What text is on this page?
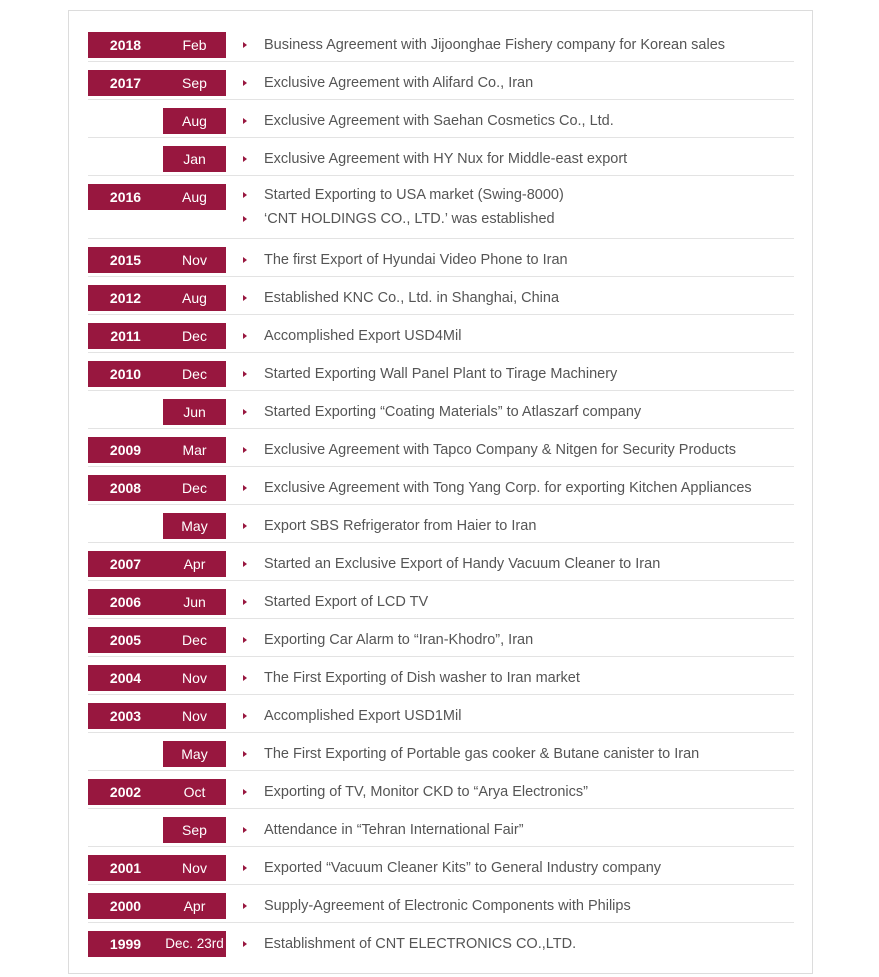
2018	Feb	Business Agreement with Jijoonghae Fishery company for Korean sales
2017	Sep	Exclusive Agreement with Alifard Co., Iran
Aug	Exclusive Agreement with Saehan Cosmetics Co., Ltd.
Jan	Exclusive Agreement with HY Nux for Middle-east export
2016	Aug	Started Exporting to USA market (Swing-8000)
‘CNT HOLDINGS CO., LTD.’ was established
2015	Nov	The first Export of Hyundai Video Phone to Iran
2012	Aug	Established KNC Co., Ltd. in Shanghai, China
2011	Dec	Accomplished Export USD4Mil
2010	Dec	Started Exporting Wall Panel Plant to Tirage Machinery
Jun	Started Exporting “Coating Materials” to Atlaszarf company
2009	Mar	Exclusive Agreement with Tapco Company & Nitgen for Security Products
2008	Dec	Exclusive Agreement with Tong Yang Corp. for exporting Kitchen Appliances
May	Export SBS Refrigerator from Haier to Iran
2007	Apr	Started an Exclusive Export of Handy Vacuum Cleaner to Iran
2006	Jun	Started Export of LCD TV
2005	Dec	Exporting Car Alarm to “Iran-Khodro”, Iran
2004	Nov	The First Exporting of Dish washer to Iran market
2003	Nov	Accomplished Export USD1Mil
May	The First Exporting of Portable gas cooker & Butane canister to Iran
2002	Oct	Exporting of TV, Monitor CKD to “Arya Electronics”
Sep	Attendance in “Tehran International Fair”
2001	Nov	Exported “Vacuum Cleaner Kits” to General Industry company
2000	Apr	Supply-Agreement of Electronic Components with Philips
1999	Dec. 23rd	Establishment of CNT ELECTRONICS CO.,LTD.
